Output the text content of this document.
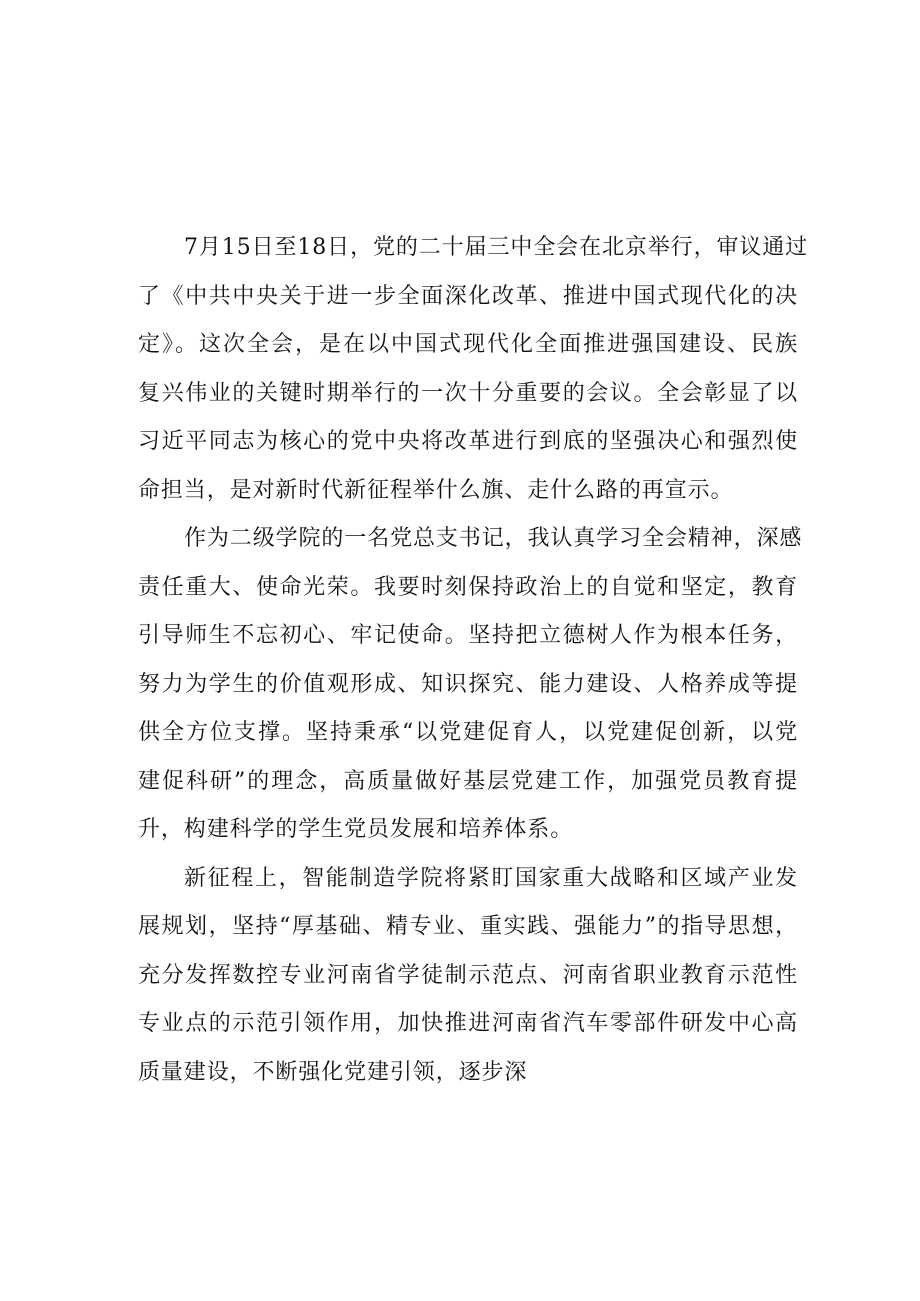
7月15日至18日，党的二十届三中全会在北京举行，审议通过
了《中共中央关于进一步全面深化改革、推进中国式现代化的决
定》。这次全会，是在以中国式现代化全面推进强国建设、民族
复兴伟业的关键时期举行的一次十分重要的会议。全会彰显了以
习近平同志为核心的党中央将改革进行到底的坚强决心和强烈使
命担当，是对新时代新征程举什么旗、走什么路的再宣示。
作为二级学院的一名党总支书记，我认真学习全会精神，深感
责任重大、使命光荣。我要时刻保持政治上的自觉和坚定，教育
引导师生不忘初心、牢记使命。坚持把立德树人作为根本任务，
努力为学生的价值观形成、知识探究、能力建设、人格养成等提
供全方位支撑。坚持秉承“以党建促育人，以党建促创新，以党
建促科研”的理念，高质量做好基层党建工作，加强党员教育提
升，构建科学的学生党员发展和培养体系。
新征程上，智能制造学院将紧盯国家重大战略和区域产业发
展规划，坚持“厚基础、精专业、重实践、强能力”的指导思想，
充分发挥数控专业河南省学徒制示范点、河南省职业教育示范性
专业点的示范引领作用，加快推进河南省汽车零部件研发中心高
质量建设，不断强化党建引领，逐步深
